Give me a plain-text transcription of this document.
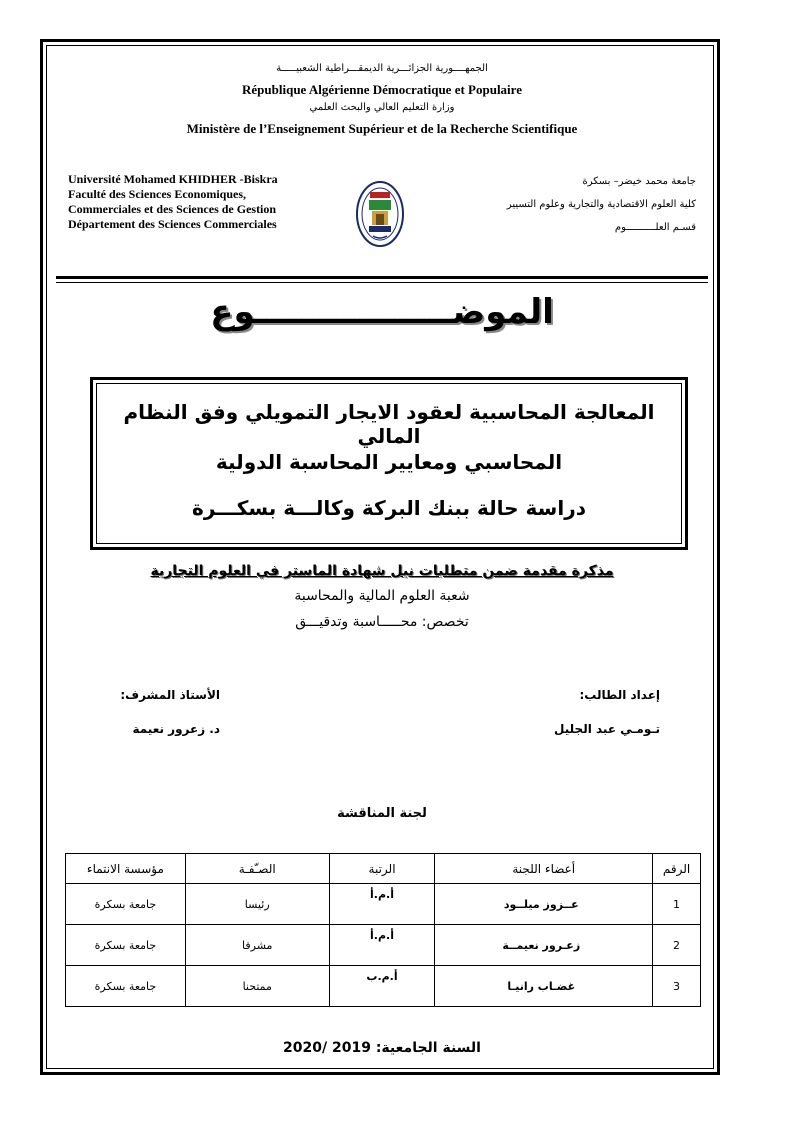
الجمهــــورية الجزائـــرية الديمقـــراطية الشعبيـــــة
République Algérienne Démocratique et Populaire
وزارة التعليم العالي والبحث العلمي
Ministère de l’Enseignement Supérieur et de la Recherche Scientifique
Université Mohamed KHIDHER -Biskra
Faculté des Sciences Economiques,
Commerciales et des Sciences de Gestion
Département des Sciences Commerciales
جامعة محمد خيضر– بسكرة
كلية العلوم الاقتصادية والتجارية وعلوم التسيير
قسـم العلــــــــــوم
الموضـــــــــــــــــوع
المعالجة المحاسبية لعقود الايجار التمويلي وفق النظام المالي
المحاسبي ومعايير المحاسبة الدولية
دراسة حالة ببنك البركة وكالـــة بسكـــرة
مذكرة مقدمة ضمن متطلبات نيل شهادة الماستر في العلوم التجارية
شعبة العلوم المالية والمحاسبة
تخصص: محـــــاسبة وتدقيـــق
إعداد الطالب:
تـومـي عبد الجليل
الأستاذ المشرف:
د. زعرور نعيمة
لجنة المناقشة
الرقم	أعضاء اللجنة	الرتبة	الصـّفـة	مؤسسة الانتماء
1	عــزوز ميلــود	أ.م.أ	رئيسا	جامعة بسكرة
2	زعـرور نعيمــة	أ.م.أ	مشرفا	جامعة بسكرة
3	غضـاب رانيـا	أ.م.ب	ممتحنا	جامعة بسكرة
السنة الجامعية: 2019 /2020
